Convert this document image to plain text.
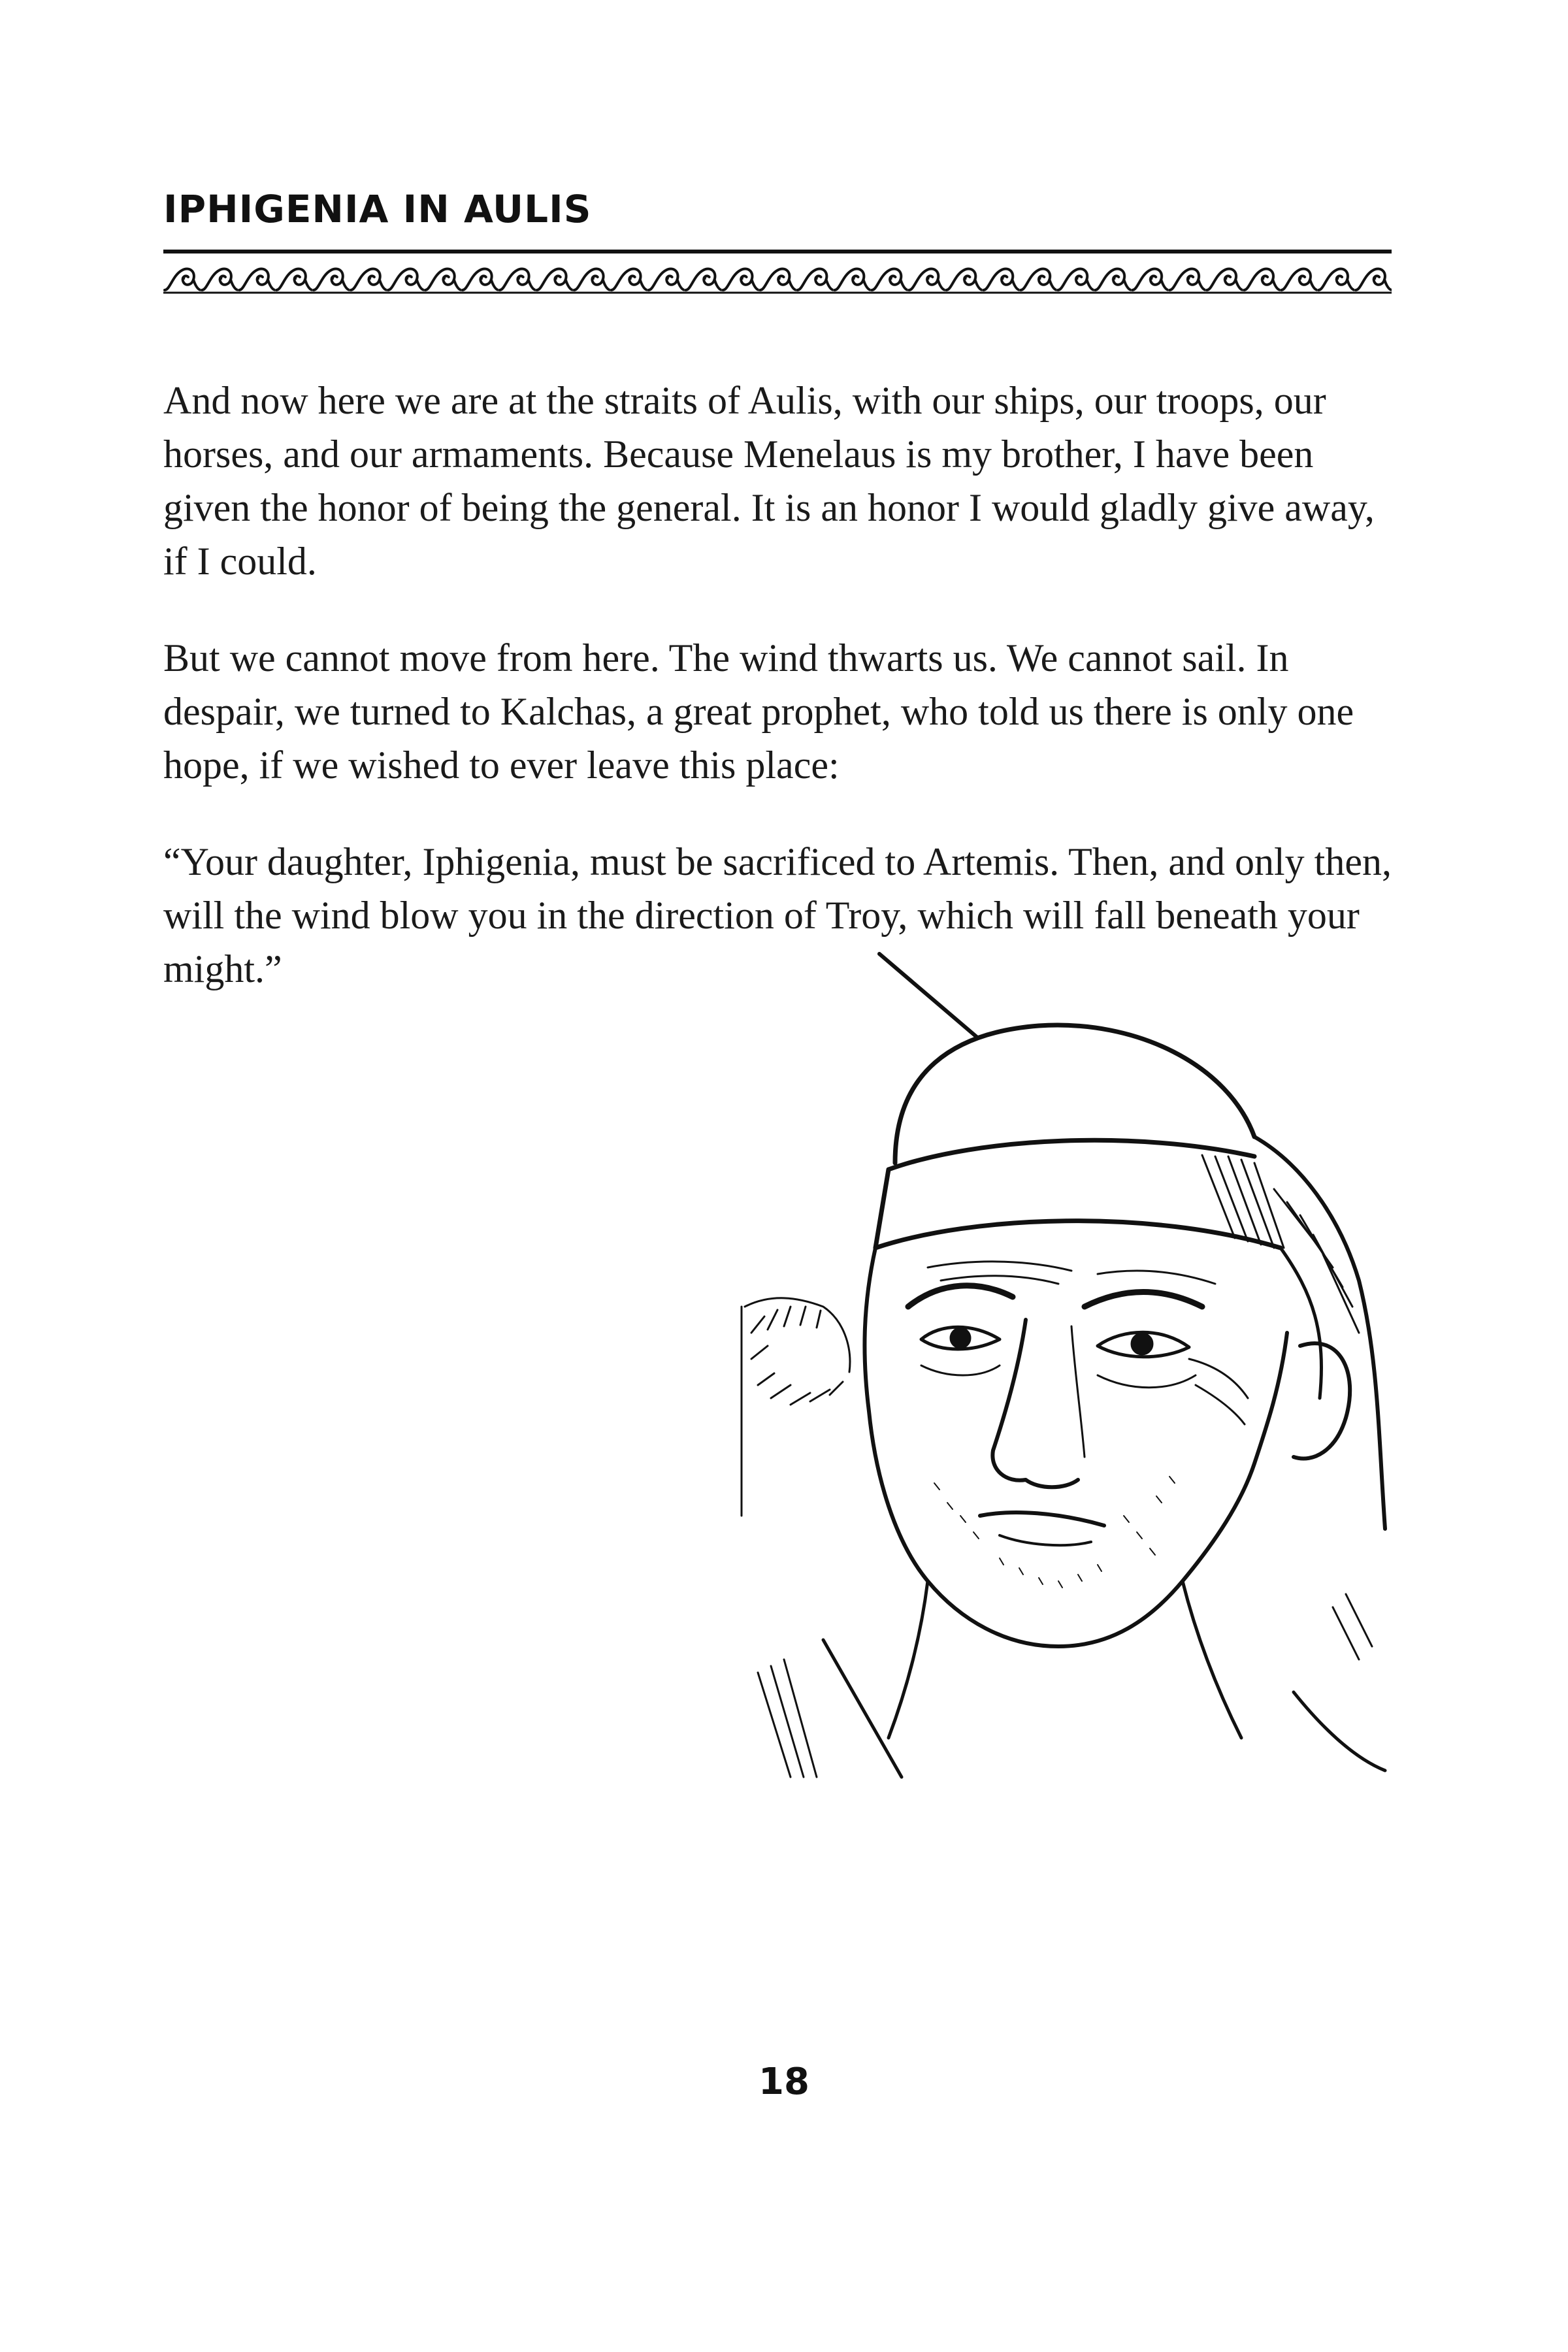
IPHIGENIA IN AULIS

And now here we are at the straits of Aulis, with our ships, our troops, our horses, and our armaments. Because Menelaus is my brother, I have been given the honor of being the general. It is an honor I would gladly give away, if I could.

But we cannot move from here. The wind thwarts us. We cannot sail. In despair, we turned to Kalchas, a great prophet, who told us there is only one hope, if we wished to ever leave this place:

“Your daughter, Iphigenia, must be sacrificed to Artemis. Then, and only then, will the wind blow you in the direction of Troy, which will fall beneath your might.”

18
